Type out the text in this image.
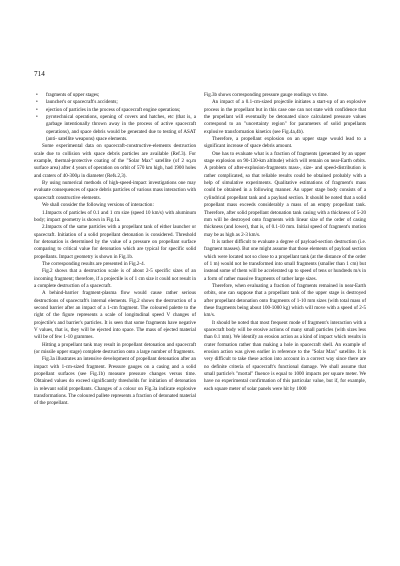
714
• fragments of upper stages;
• launcher's or spacecraft's accidents;
• ejection of particles in the process of spacecraft engine operations;
• pyrotechnical operations, opening of covers and hatches, etc (that is, a garbage intentionally thrown away in the process of active spacecraft operations), and space debris would be generated due to testing of ASAT (anti- satellite weapons) space elements.

Some experimental data on spacecraft-constructive-elements destruction scale due to collision with space debris particles are available (Ref.3). For example, thermal-protective coating of the "Solar Max" satellite (of 2 sq.m surface area) after 4 years of operation on orbit of 570 km high, had 1900 holes and craters of 40-300µ in diameter (Refs.2,3).

By using numerical methods of high-speed-impact investigations one may evaluate consequences of space debris particles of various mass interaction with spacecraft constructive elements.

We shall consider the following versions of interaction:

1.Impacts of particles of 0.1 and 1 cm size (speed 10 km/s) with aluminum body; impact geometry is shown in Fig.1a.

2.Impacts of the same particles with a propellant tank of either launcher or spacecraft. Initiation of a solid propellant detonation is considered. Threshold for detonation is determined by the value of a pressure on propellant surface comparing to critical value for detonation which are typical for specific solid propellants. Impact geometry is shown in Fig.1b.

The corresponding results are presented in Fig.2-4.

Fig.2 shows that a destruction scale is of about 2-5 specific sizes of an incoming fragment; therefore, if a projectile is of 1 cm size it could not result in a complete destruction of a spacecraft.

A behind-barrier fragment-plasma flow would cause rather serious destructions of spacecraft's internal elements. Fig.2 shows the destruction of a second barrier after an impact of a 1-cm fragment. The coloured palette to the right of the figure represents a scale of longitudinal speed V changes of projectile's and barrier's particles. It is seen that some fragments have negative V values, that is, they will be ejected into space. The mass of ejected material will be of few 1-10 grammes.

Hitting a propellant tank may result in propellant detonation and spacecraft (or missile upper stage) complete destruction onto a large number of fragments.

Fig.3a illustrates an intensive development of propellant detonation after an impact with 1-cm-sized fragment. Pressure gauges on a casing and a solid propellant surfaces (see Fig.1b) measure pressure changes versus time. Obtained values do exceed significantly thresholds for initiation of detonation in relevant solid propellants. Changes of a colour on Fig.3a indicate explosive transformations. The coloured pallete represents a fraction of detonated material of the propellant.

Fig.3b shows corresponding pressure gauge readings vs time.

An impact of a 0.1-cm-sized projectile initiates a start-up of an explosive process in the propellant but in this case one can not state with confidence that the propellant will eventually be detonated since calculated pressure values correspond to an "uncertainty region" for parameters of solid propellants explosive transformation kinetics (see Fig.4a,4b).

Therefore, a propellant explosion on an upper stage would lead to a significant increase of space debris amount.

One has to evaluate what is a fraction of fragments (generated by an upper stage explosion on 90-130-km altitude) which will remain on near-Earth orbits. A problem of after-explosion-fragments mass-, size- and speed-distribution is rather complicated, so that reliable results could be obtained probably with a help of simulative experiments. Qualitative estimations of fragment's mass could be obtained in a following manner. An upper stage body consists of a cylindrical propellant tank and a payload section. It should be noted that a solid propellant mass exceeds considerably a mass of an empty propellant tank. Therefore, after solid propellant detonation tank casing with a thickness of 5-20 mm will be destroyed onto fragments with linear size of the order of casing thickness (and lower), that is, of 0.1-10 mm. Initial speed of fragment's motion may be as high as 2-3 km/s.

It is rather difficult to evaluate a degree of payload-section destruction (i.e. fragment masses). But one might assume that those elements of payload section which were located not so close to a propellant tank (at the distance of the order of 1 m) would not be transformed into small fragments (smaller than 1 cm) but instead some of them will be accelerated up to speed of tens or hundreds m/s in a form of rather massive fragments of rather large sizes.

Therefore, when evaluating a fraction of fragments remained in near-Earth orbits, one can suppose that a propellant tank of the upper stage is destroyed after propellant detonation onto fragments of 1-10 mm sizes (with total mass of these fragments being about 100-1000 kg) which will move with a speed of 2-5 km/s.

It should be noted that most frequent mode of fragment's interaction with a spacecraft body will be erosive actions of many small particles (with sizes less than 0.1 mm). We identify an erosion action as a kind of impact which results in crater formation rather than making a hole in spacecraft shell. An example of erosion action was given earlier in reference to the "Solar Max" satellite. It is very difficult to take these action into account in a correct way since there are no definite criteria of spacecraft's functional damage. We shall assume that small particle's "mortal" fluence is equal to 1000 impacts per square meter. We have no experimental confirmation of this particular value, but if, for example, each square meter of solar panels were hit by 1000
